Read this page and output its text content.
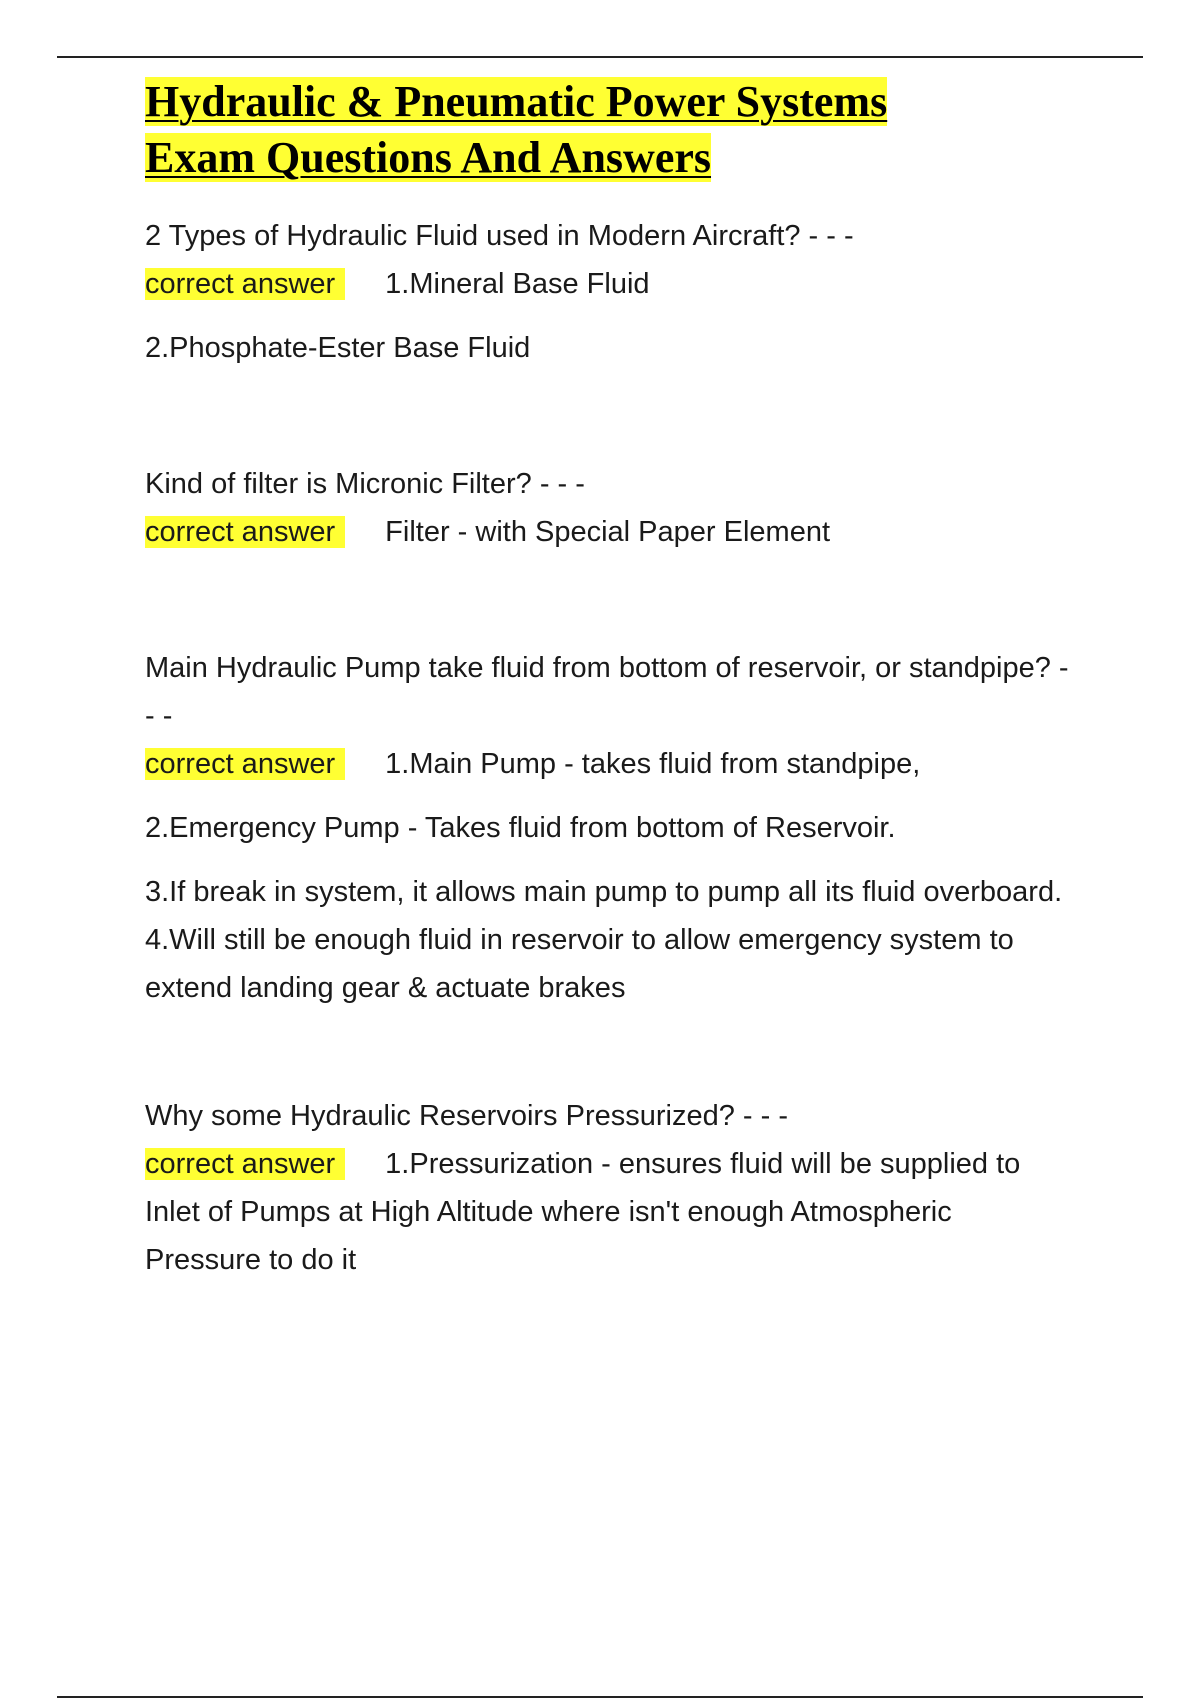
Hydraulic & Pneumatic Power Systems
Exam Questions And Answers

2 Types of Hydraulic Fluid used in Modern Aircraft? - - -

correct answer 1.Mineral Base Fluid

2.Phosphate-Ester Base Fluid

Kind of filter is Micronic Filter? - - -

correct answer Filter - with Special Paper Element

Main Hydraulic Pump take fluid from bottom of reservoir, or standpipe? - - -

correct answer 1.Main Pump - takes fluid from standpipe,

2.Emergency Pump - Takes fluid from bottom of Reservoir.

3.If break in system, it allows main pump to pump all its fluid overboard. 4.Will still be enough fluid in reservoir to allow emergency system to extend landing gear & actuate brakes

Why some Hydraulic Reservoirs Pressurized? - - -

correct answer 1.Pressurization - ensures fluid will be supplied to Inlet of Pumps at High Altitude where isn't enough Atmospheric Pressure to do it
